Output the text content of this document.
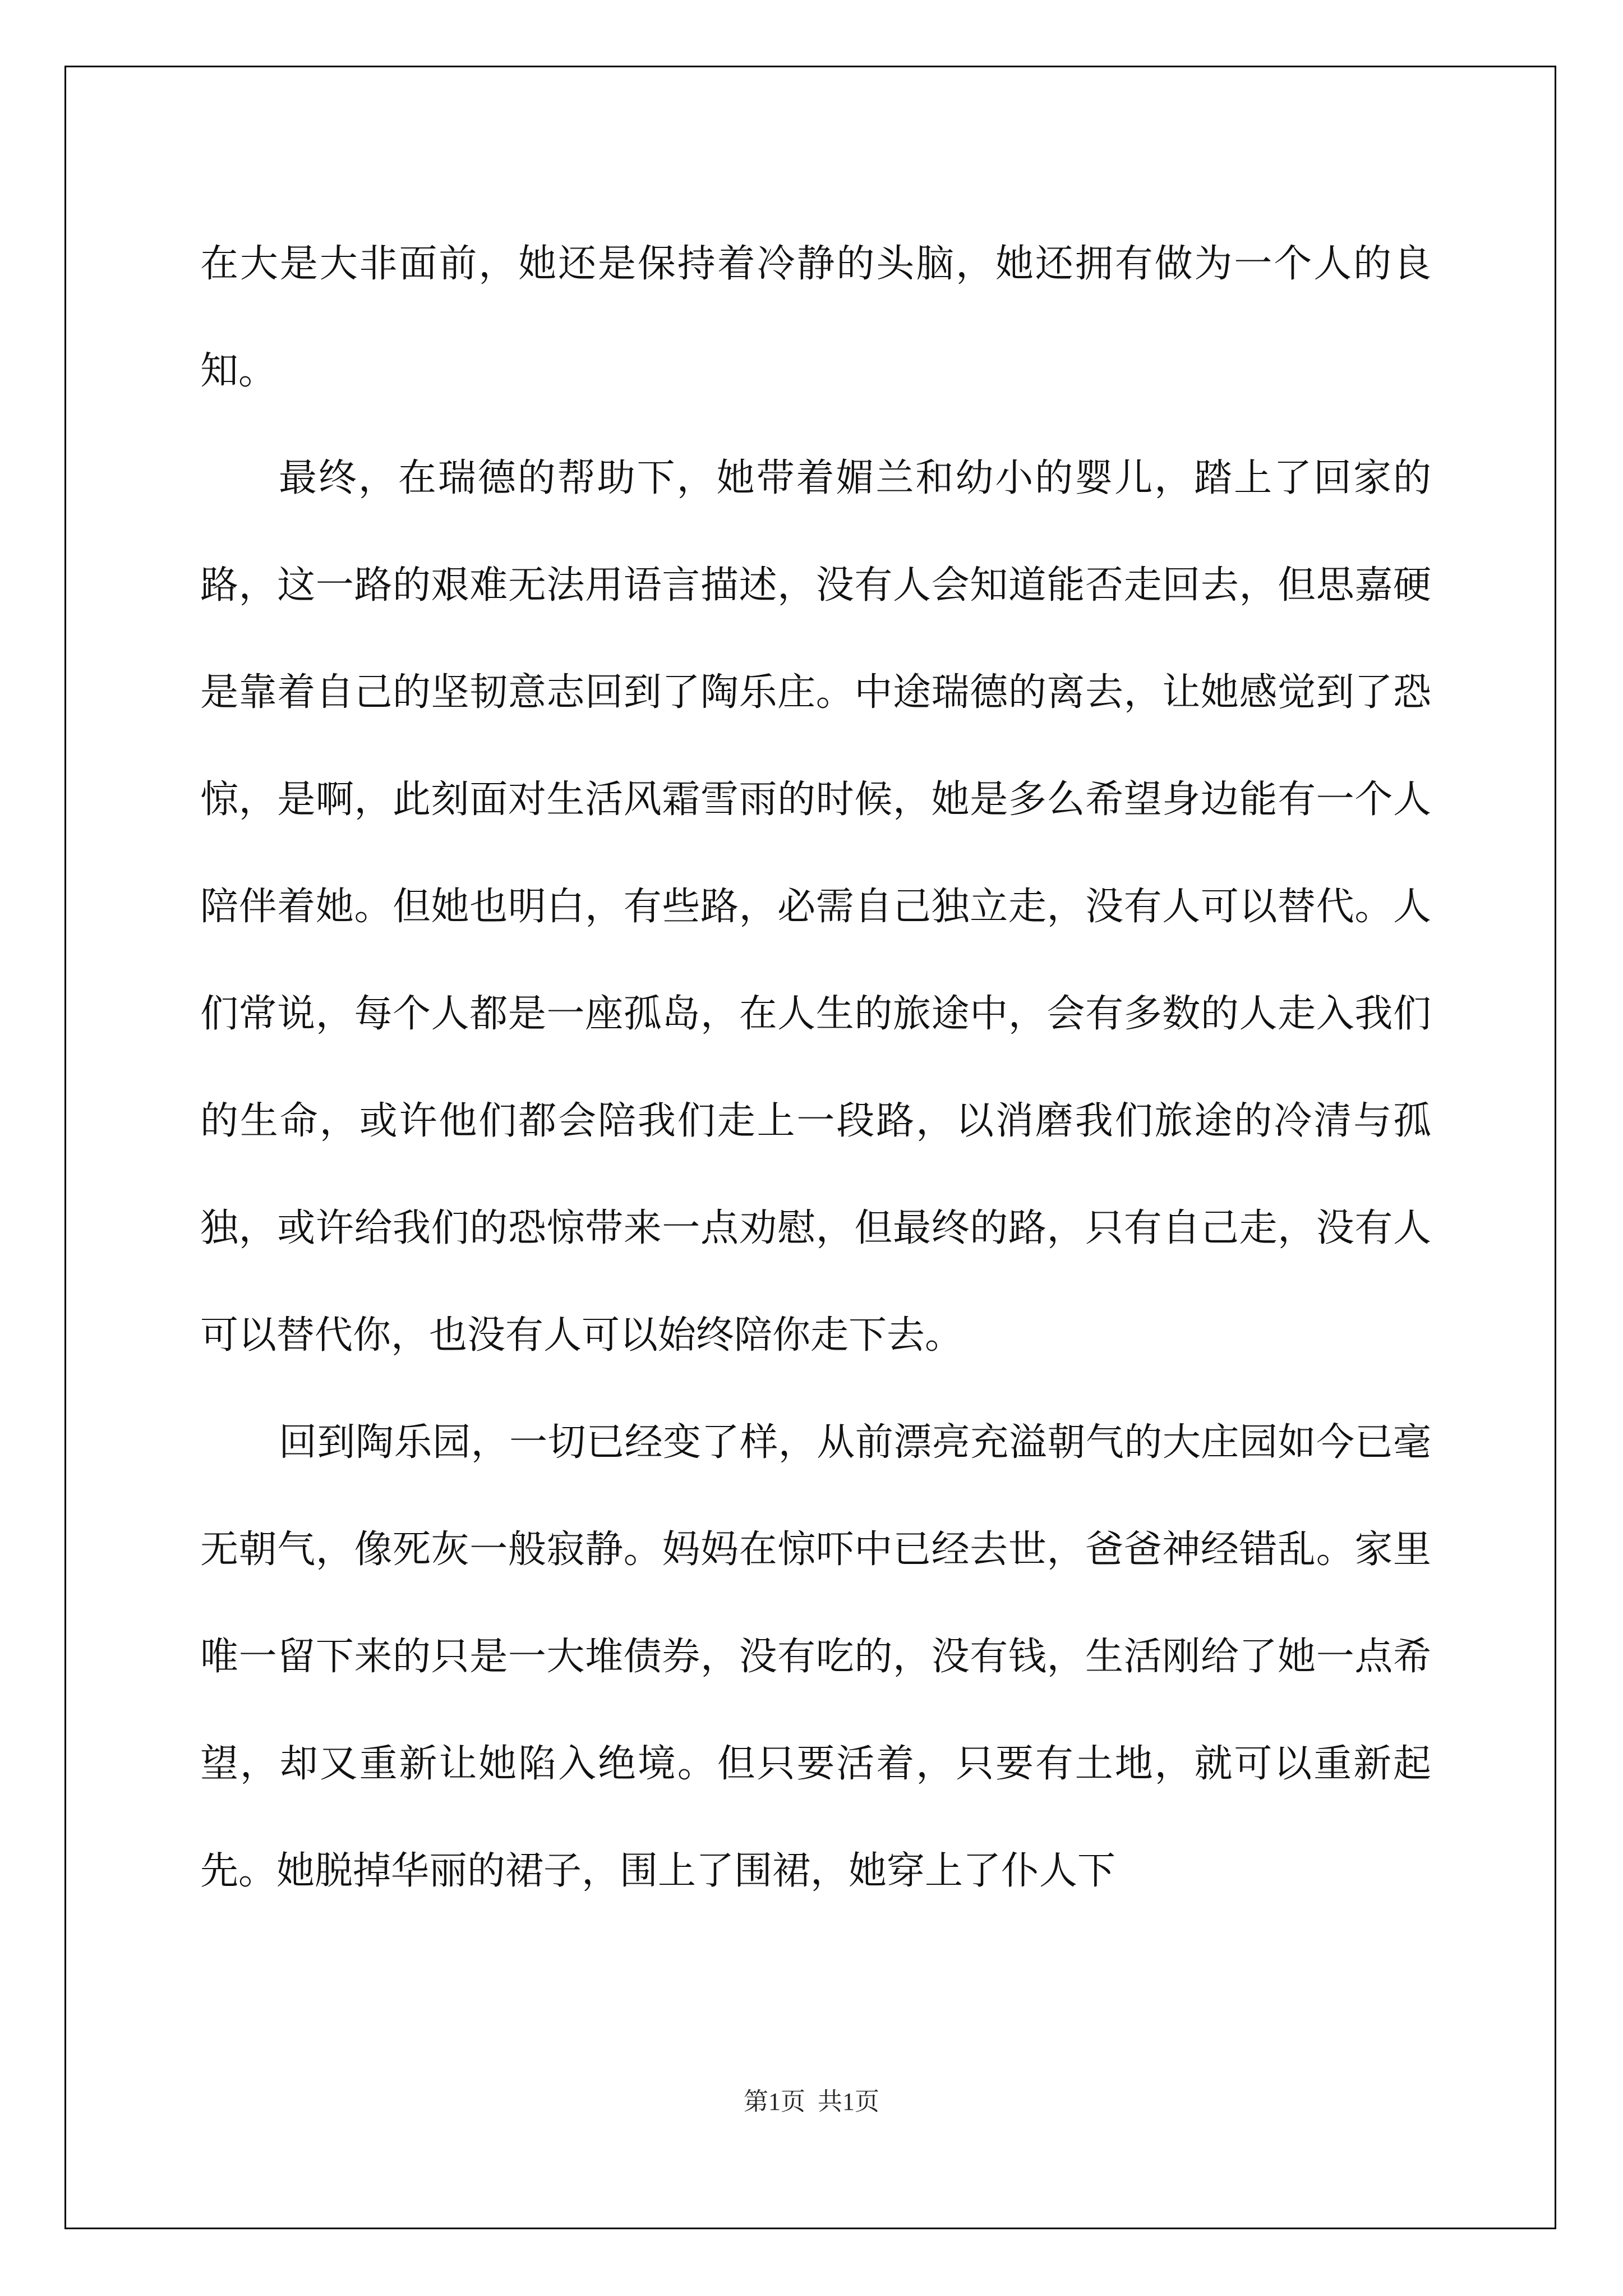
在大是大非面前，她还是保持着冷静的头脑，她还拥有做为一个人的良知。

最终，在瑞德的帮助下，她带着媚兰和幼小的婴儿，踏上了回家的路，这一路的艰难无法用语言描述，没有人会知道能否走回去，但思嘉硬是靠着自己的坚韧意志回到了陶乐庄。中途瑞德的离去，让她感觉到了恐惊，是啊，此刻面对生活风霜雪雨的时候，她是多么希望身边能有一个人陪伴着她。但她也明白，有些路，必需自己独立走，没有人可以替代。人们常说，每个人都是一座孤岛，在人生的旅途中，会有多数的人走入我们的生命，或许他们都会陪我们走上一段路，以消磨我们旅途的冷清与孤独，或许给我们的恐惊带来一点劝慰，但最终的路，只有自己走，没有人可以替代你，也没有人可以始终陪你走下去。

回到陶乐园，一切已经变了样，从前漂亮充溢朝气的大庄园如今已毫无朝气，像死灰一般寂静。妈妈在惊吓中已经去世，爸爸神经错乱。家里唯一留下来的只是一大堆债券，没有吃的，没有钱，生活刚给了她一点希望，却又重新让她陷入绝境。但只要活着，只要有土地，就可以重新起先。她脱掉华丽的裙子，围上了围裙，她穿上了仆人下

第1页  共1页
